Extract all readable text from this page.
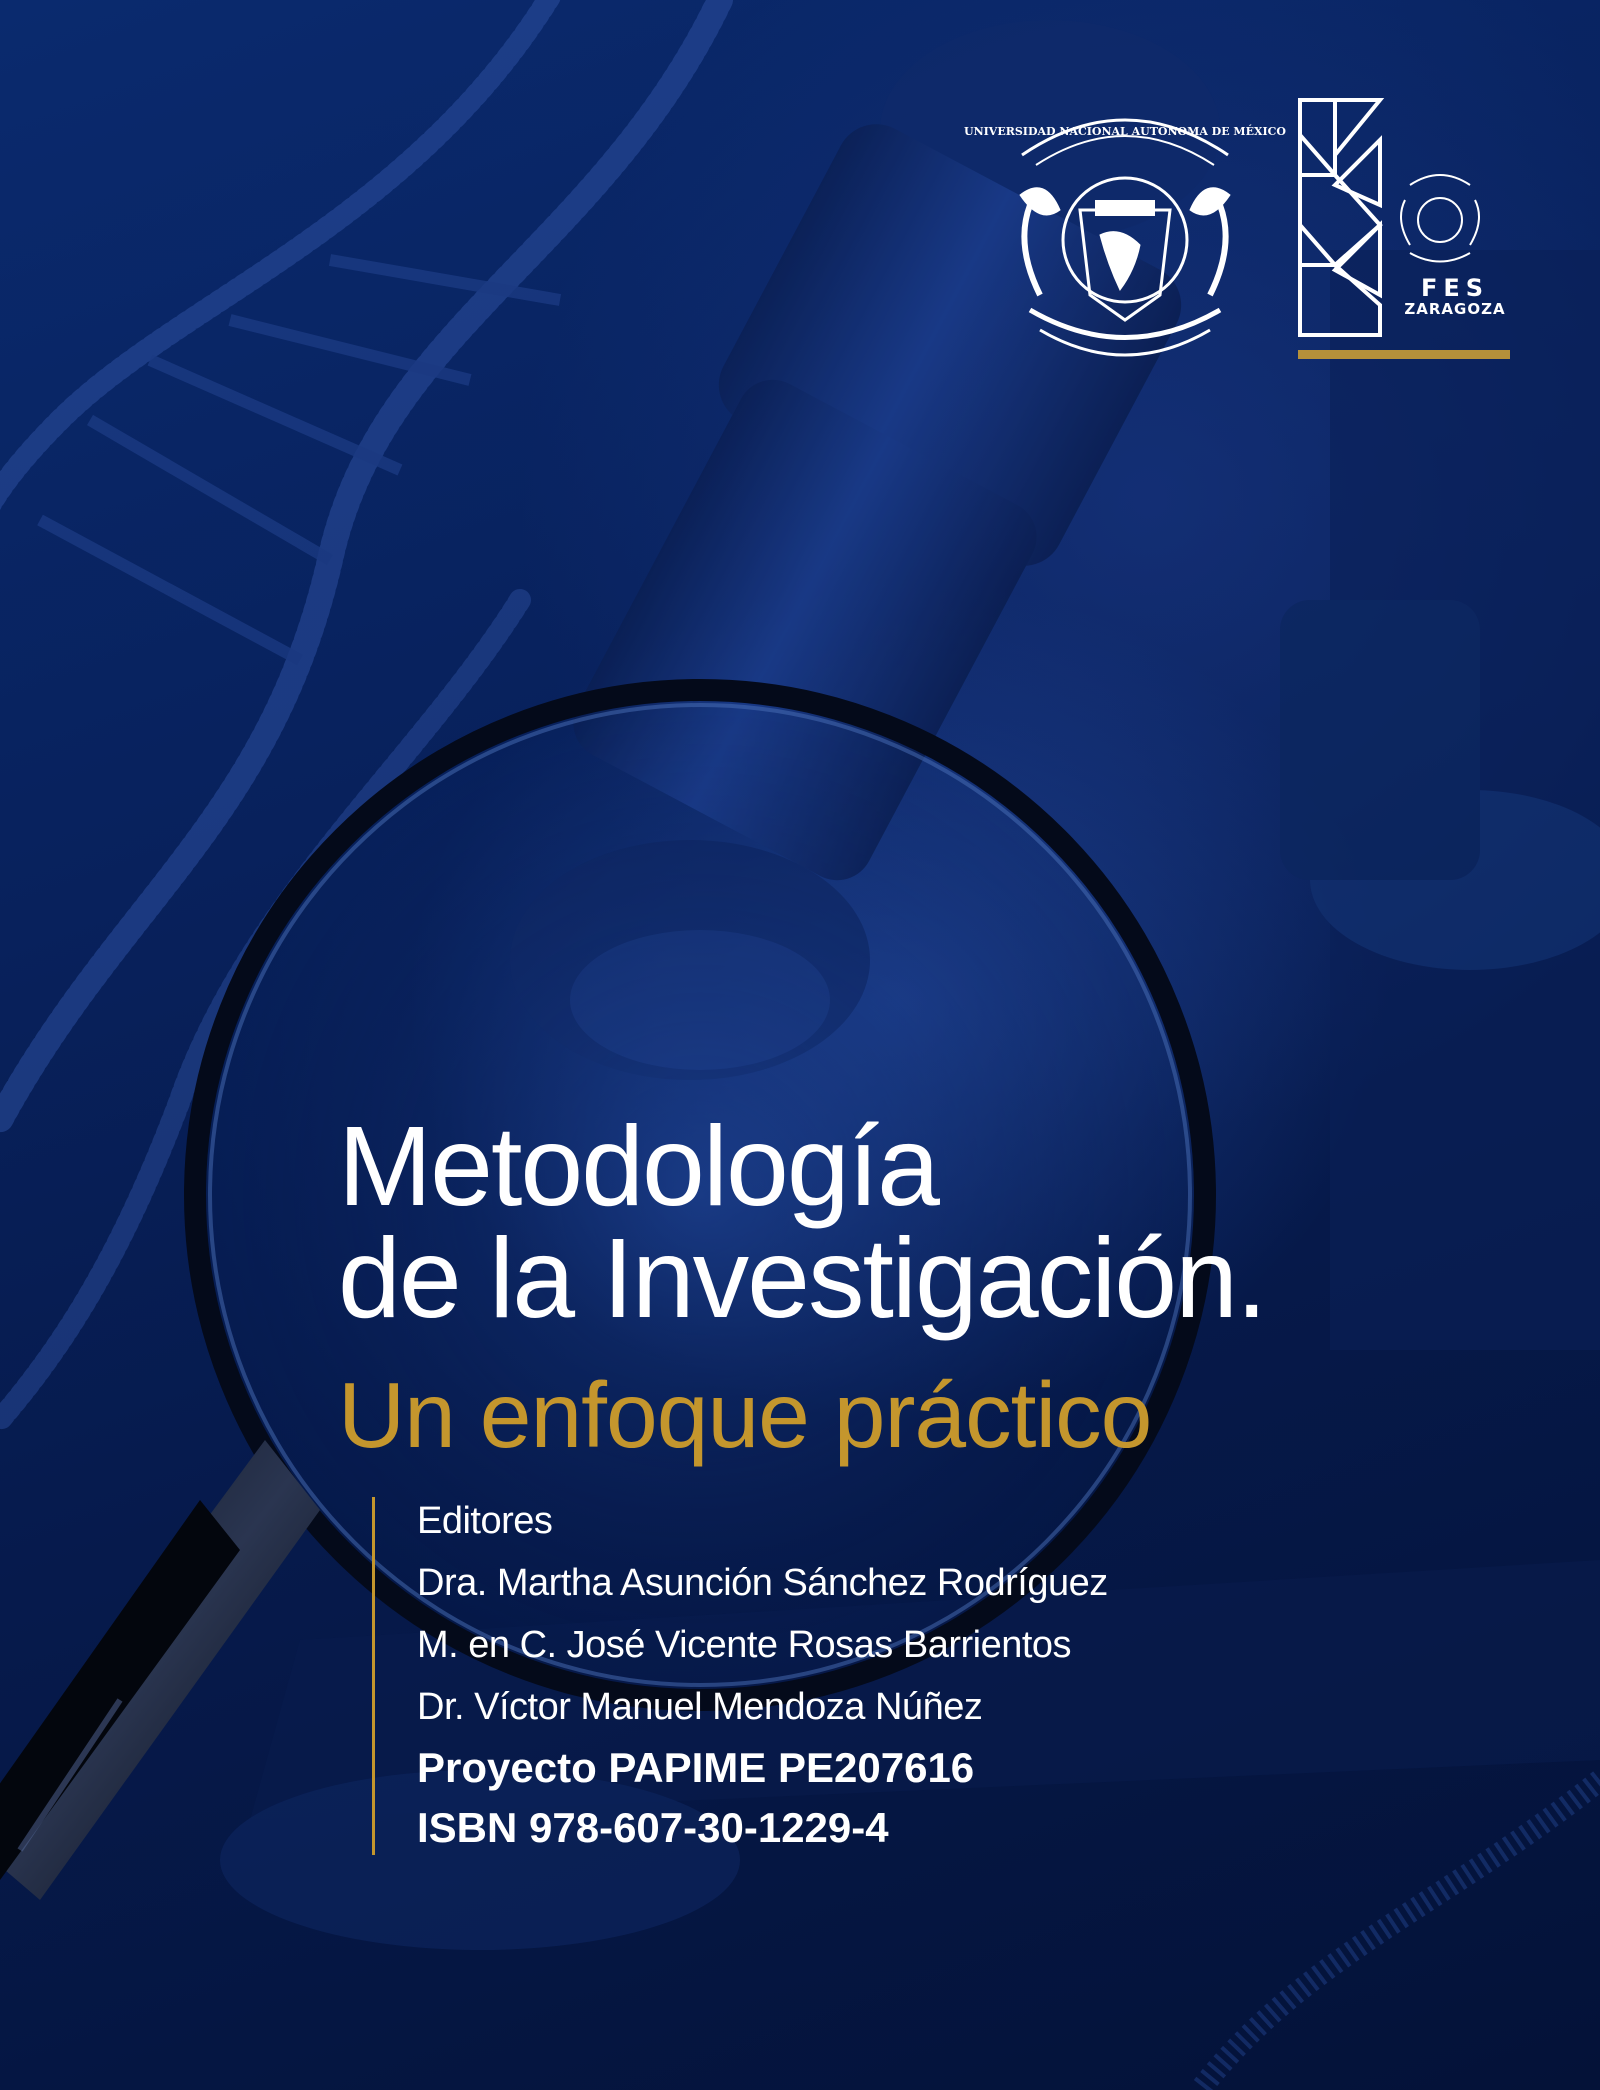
UNIVERSIDAD NACIONAL AUTÓNOMA DE MÉXICO
FES
ZARAGOZA
Metodología
de la Investigación.
Un enfoque práctico
Editores
Dra. Martha Asunción Sánchez Rodríguez
M. en C. José Vicente Rosas Barrientos
Dr. Víctor Manuel Mendoza Núñez
Proyecto PAPIME PE207616
ISBN 978-607-30-1229-4
